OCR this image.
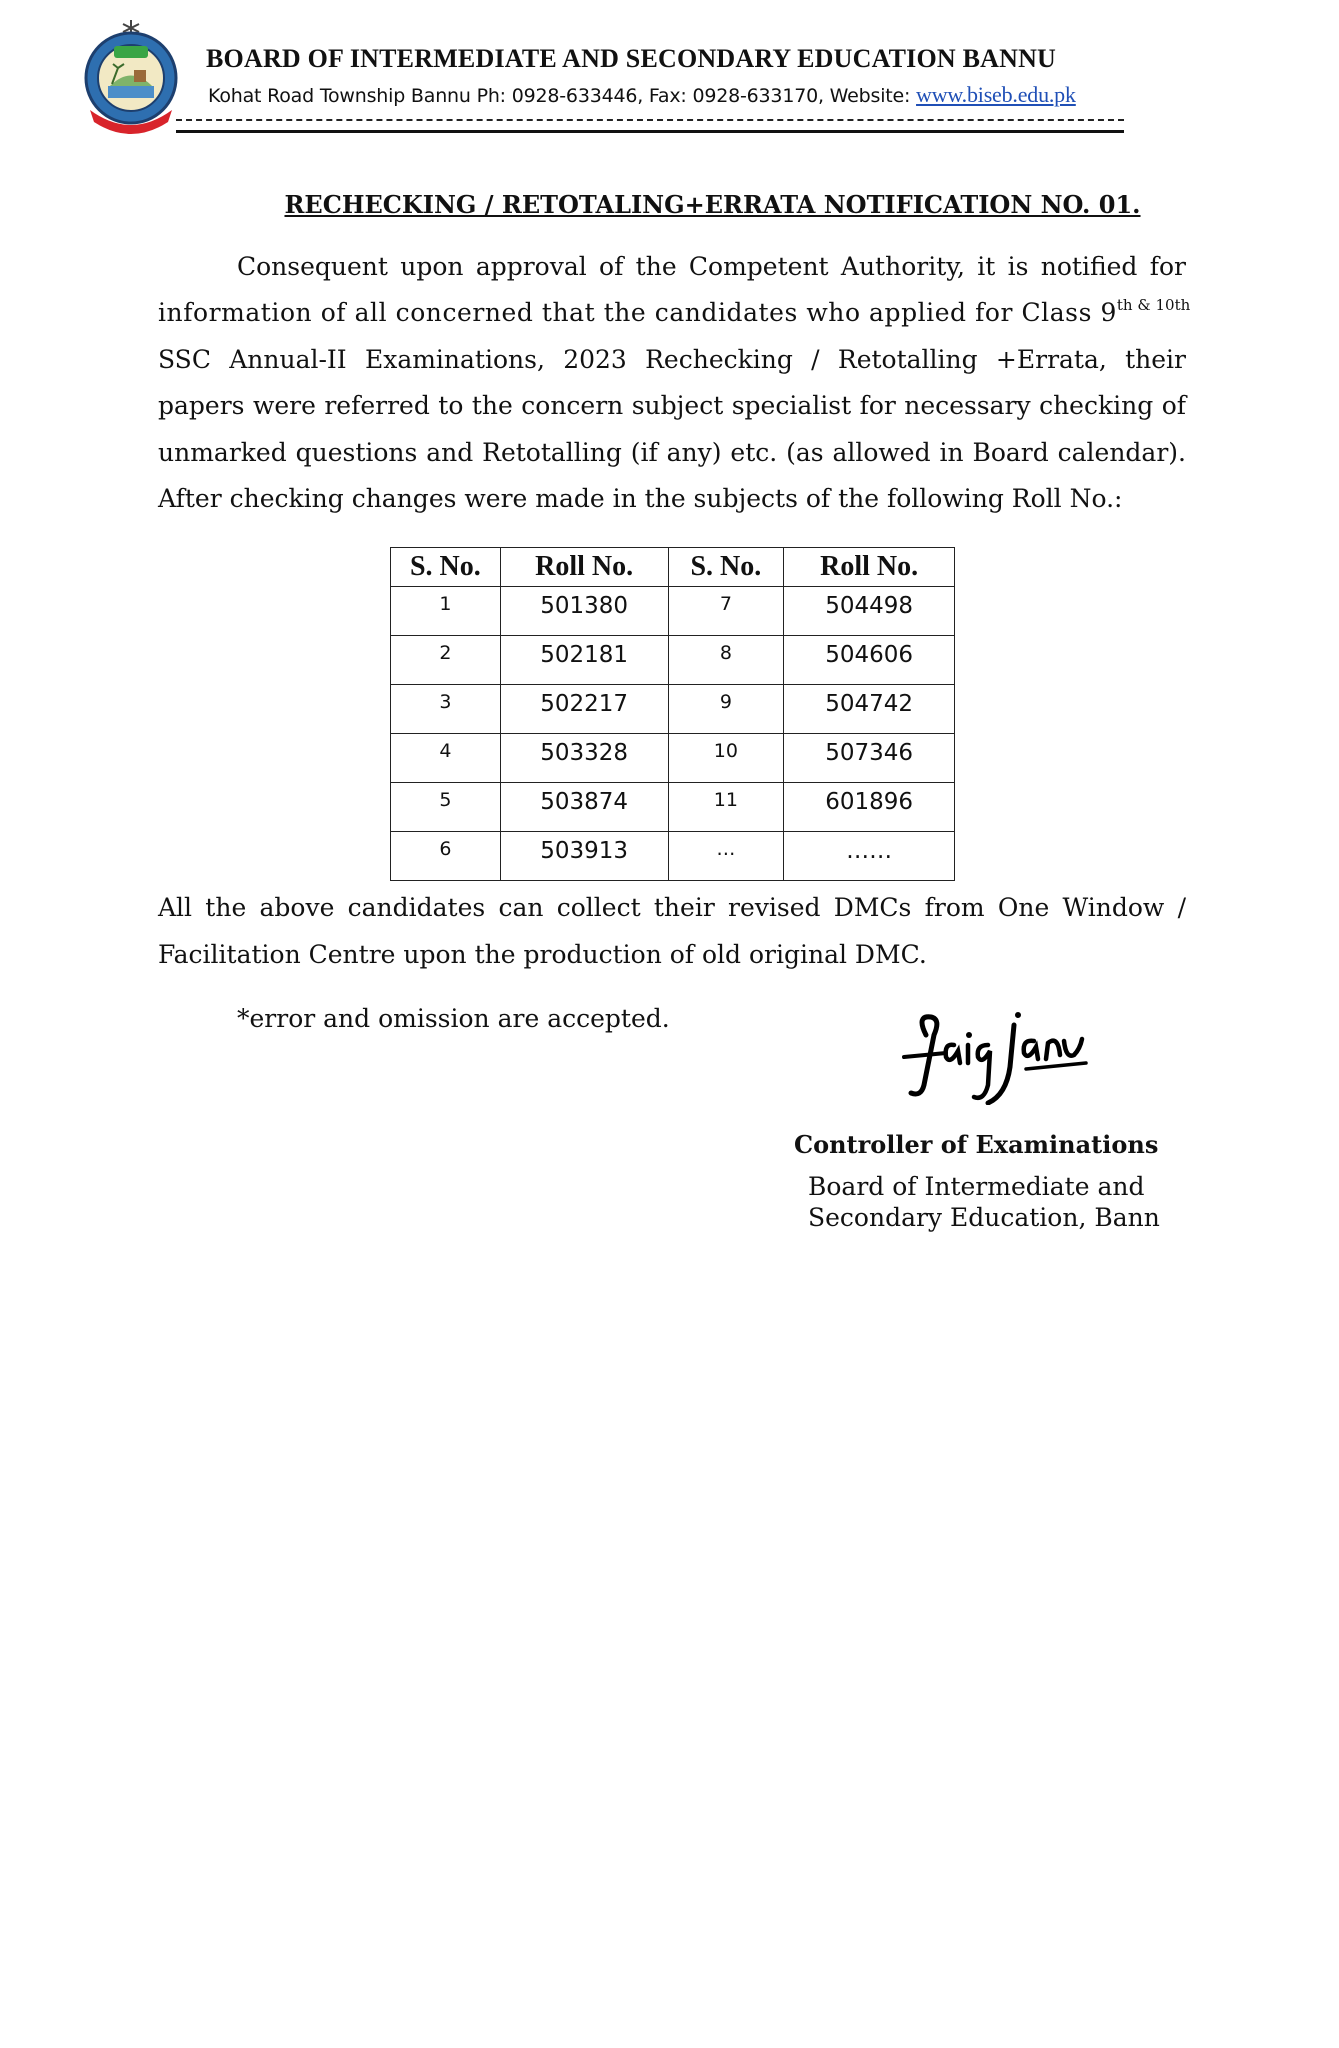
BOARD OF INTERMEDIATE AND SECONDARY EDUCATION BANNU
Kohat Road Township Bannu Ph: 0928-633446, Fax: 0928-633170, Website: www.biseb.edu.pk
RECHECKING / RETOTALING+ERRATA NOTIFICATION NO. 01.
Consequent upon approval of the Competent Authority, it is notified for
information of all concerned that the candidates who applied for Class $9^{th \& 10th}$
SSC Annual-II Examinations, 2023 Rechecking / Retotalling +Errata, their
papers were referred to the concern subject specialist for necessary checking of
unmarked questions and Retotalling (if any) etc. (as allowed in Board calendar).
After checking changes were made in the subjects of the following Roll No.:
S. No.	Roll No.	S. No.	Roll No.
1	501380	7	504498
2	502181	8	504606
3	502217	9	504742
4	503328	10	507346
5	503874	11	601896
6	503913	…	……
All the above candidates can collect their revised DMCs from One Window /
Facilitation Centre upon the production of old original DMC.
*error and omission are accepted.
Controller of Examinations
Board of Intermediate and
Secondary Education, Bann
